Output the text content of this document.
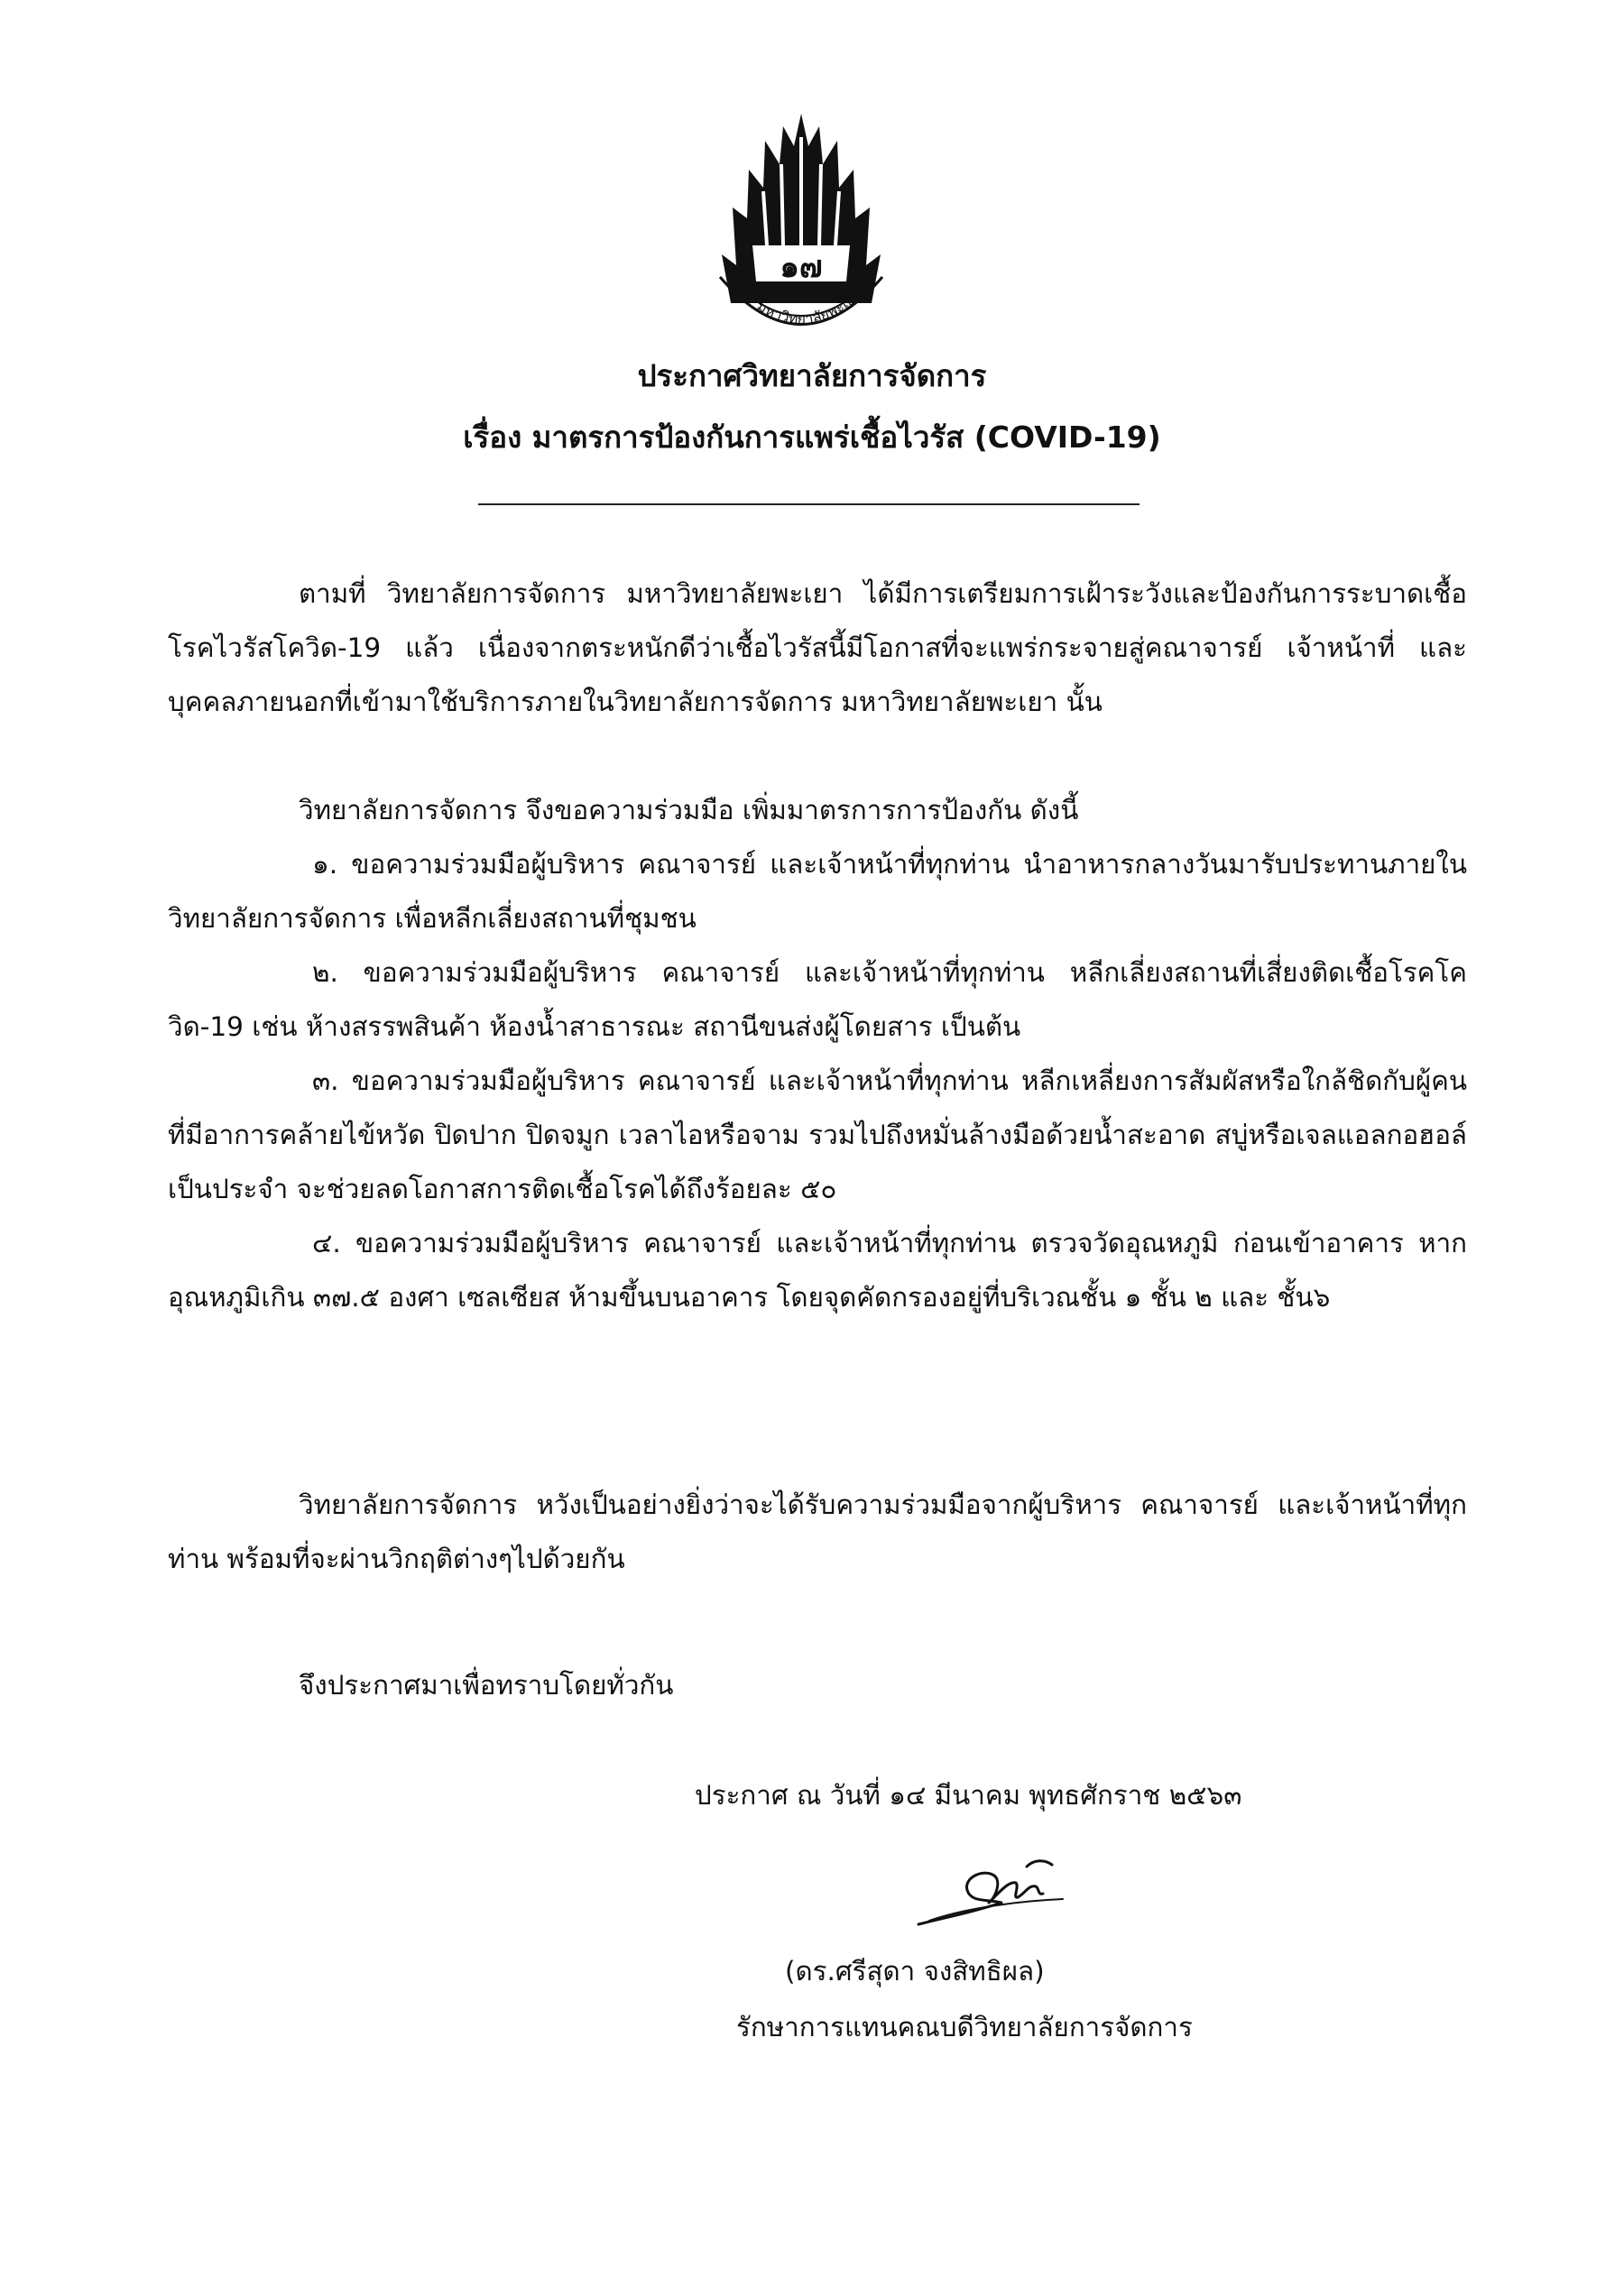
๑๗
มหาวิทยาลัยพะเยา
ประกาศวิทยาลัยการจัดการ
เรื่อง มาตรการป้องกันการแพร่เชื้อไวรัส (COVID-19)

ตามที่ วิทยาลัยการจัดการ มหาวิทยาลัยพะเยา ได้มีการเตรียมการเฝ้าระวังและป้องกันการระบาดเชื้อโรคไวรัสโควิด-19 แล้ว เนื่องจากตระหนักดีว่าเชื้อไวรัสนี้มีโอกาสที่จะแพร่กระจายสู่คณาจารย์ เจ้าหน้าที่ และบุคคลภายนอกที่เข้ามาใช้บริการภายในวิทยาลัยการจัดการ มหาวิทยาลัยพะเยา นั้น

วิทยาลัยการจัดการ จึงขอความร่วมมือ เพิ่มมาตรการการป้องกัน ดังนี้

๑. ขอความร่วมมือผู้บริหาร คณาจารย์ และเจ้าหน้าที่ทุกท่าน นำอาหารกลางวันมารับประทานภายในวิทยาลัยการจัดการ เพื่อหลีกเลี่ยงสถานที่ชุมชน
๒. ขอความร่วมมือผู้บริหาร คณาจารย์ และเจ้าหน้าที่ทุกท่าน หลีกเลี่ยงสถานที่เสี่ยงติดเชื้อโรคโควิด-19 เช่น ห้างสรรพสินค้า ห้องน้ำสาธารณะ สถานีขนส่งผู้โดยสาร เป็นต้น
๓. ขอความร่วมมือผู้บริหาร คณาจารย์ และเจ้าหน้าที่ทุกท่าน หลีกเหลี่ยงการสัมผัสหรือใกล้ชิดกับผู้คนที่มีอาการคล้ายไข้หวัด ปิดปาก ปิดจมูก เวลาไอหรือจาม รวมไปถึงหมั่นล้างมือด้วยน้ำสะอาด สบู่หรือเจลแอลกอฮอล์เป็นประจำ จะช่วยลดโอกาสการติดเชื้อโรคได้ถึงร้อยละ ๕๐
๔. ขอความร่วมมือผู้บริหาร คณาจารย์ และเจ้าหน้าที่ทุกท่าน ตรวจวัดอุณหภูมิ ก่อนเข้าอาคาร หากอุณหภูมิเกิน ๓๗.๕ องศา เซลเซียส ห้ามขึ้นบนอาคาร โดยจุดคัดกรองอยู่ที่บริเวณชั้น ๑ ชั้น ๒ และ ชั้น๖

วิทยาลัยการจัดการ หวังเป็นอย่างยิ่งว่าจะได้รับความร่วมมือจากผู้บริหาร คณาจารย์ และเจ้าหน้าที่ทุกท่าน พร้อมที่จะผ่านวิกฤติต่างๆไปด้วยกัน

จึงประกาศมาเพื่อทราบโดยทั่วกัน

ประกาศ ณ วันที่ ๑๔ มีนาคม พุทธศักราช ๒๕๖๓
(ดร.ศรีสุดา จงสิทธิผล)
รักษาการแทนคณบดีวิทยาลัยการจัดการ
